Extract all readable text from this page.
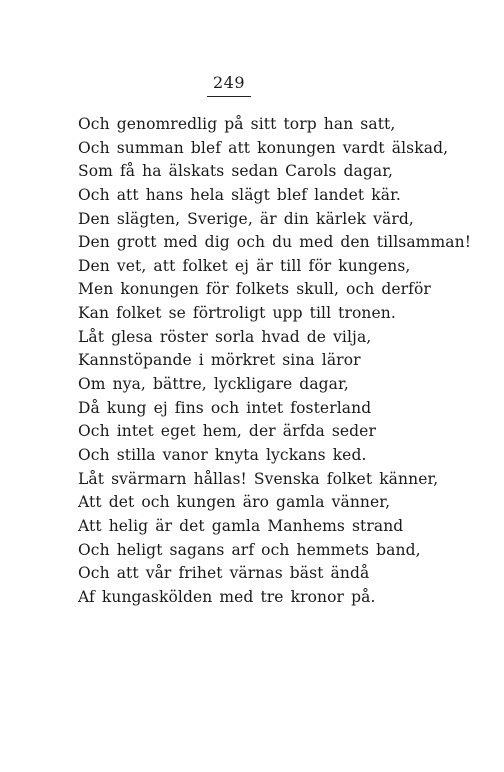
249
Och genomredlig på sitt torp han satt,
Och summan blef att konungen vardt älskad,
Som få ha älskats sedan Carols dagar,
Och att hans hela slägt blef landet kär.
Den slägten, Sverige, är din kärlek värd,
Den grott med dig och du med den tillsamman!
Den vet, att folket ej är till för kungens,
Men konungen för folkets skull, och derför
Kan folket se förtroligt upp till tronen.
Låt glesa röster sorla hvad de vilja,
Kannstöpande i mörkret sina läror
Om nya, bättre, lyckligare dagar,
Då kung ej fins och intet fosterland
Och intet eget hem, der ärfda seder
Och stilla vanor knyta lyckans ked.
Låt svärmarn hållas! Svenska folket känner,
Att det och kungen äro gamla vänner,
Att helig är det gamla Manhems strand
Och heligt sagans arf och hemmets band,
Och att vår frihet värnas bäst ändå
Af kungaskölden med tre kronor på.
